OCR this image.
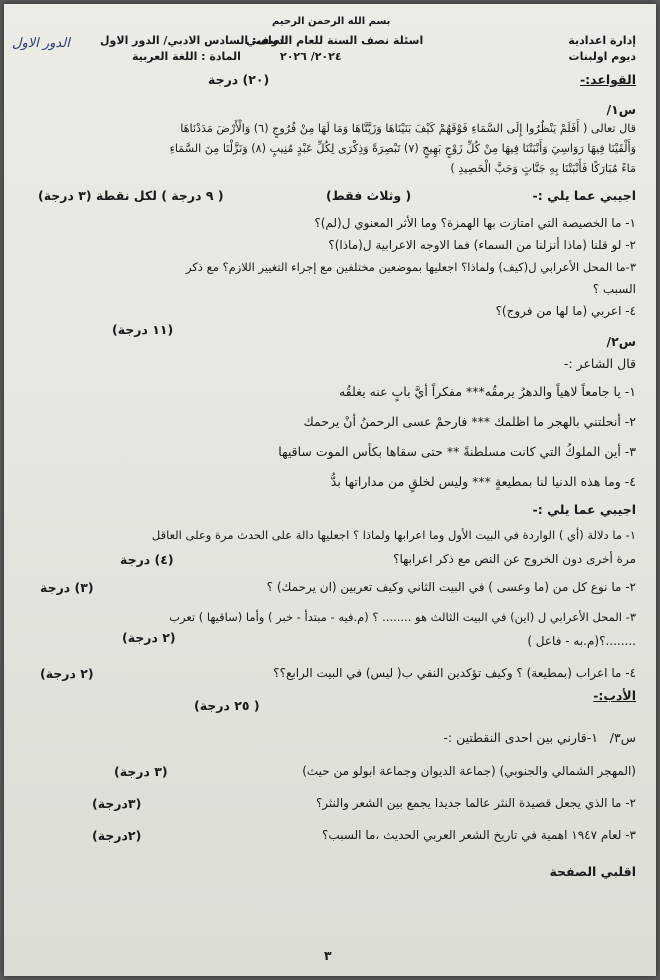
بسم الله الرحمن الرحيم
إدارة اعدادية
ديوم اولبنات
اسئلة نصف السنة للعام الدراسي
٢٠٢٤/ ٢٠٢٦
الصف: السادس الادبي/ الدور الاول
المادة : اللغة العربية
الدور الاول
القواعد:-
(٢٠) درجة
س١/
قال تعالى ( أَفَلَمْ يَنْظُرُوا إِلَى السَّمَاءِ فَوْقَهُمْ كَيْفَ بَنَيْنَاهَا وَزَيَّنَّاهَا وَمَا لَهَا مِنْ فُرُوجٍ (٦) وَالْأَرْضَ مَدَدْنَاهَا
وَأَلْقَيْنَا فِيهَا رَوَاسِيَ وَأَنْبَتْنَا فِيهَا مِنْ كُلِّ زَوْجٍ بَهِيجٍ (٧) تَبْصِرَةً وَذِكْرَى لِكُلِّ عَبْدٍ مُنِيبٍ (٨) وَنَزَّلْنَا مِنَ السَّمَاءِ
مَاءً مُبَارَكًا فَأَنْبَتْنَا بِهِ جَنَّاتٍ وَحَبَّ الْحَصِيدِ )
اجيبي عما يلي :-
( وثلاث فقط)
( ٩ درجة ) لكل نقطة (٣ درجة)
١- ما الخصيصة التي امتازت بها الهمزة؟ وما الأثر المعنوي ل(لم)؟
٢- لو قلنا (ماذا أنزلنا من السماء) فما الاوجه الاعرابية ل(ماذا)؟
٣-ما المحل الأعرابي ل(كيف) ولماذا؟ اجعليها بموضعين مختلفين مع إجراء التغيير اللازم؟ مع ذكر
السبب ؟
٤- اعربي (ما لها من فروج)؟
(١١ درجة)
س٢/
قال الشاعر :-
١- يا جامعاً لاهياً والدهرُ يرمقُه*** مفكراً أيَّ بابٍ عنه يغلقُه
٢- أنحلتني بالهجر ما اظلمك *** فارحمْ عسى الرحمنُ أنْ يرحمك
٣- أين الملوكُ التي كانت مسلطنةً ** حتى سقاها بكأس الموت ساقيها
٤- وما هذه الدنيا لنا بمطيعةٍ *** وليس لخلقٍ من مداراتها بدُّ
اجيبي عما يلي :-
١- ما دلالة (أي ) الواردة في البيت الأول وما اعرابها ولماذا ؟ اجعليها دالة على الحدث مرة وعلى العاقل
مرة أخرى دون الخروج عن النص مع ذكر اعرابها؟
(٤) درجة
٢- ما نوع كل من (ما وعسى ) في البيت الثاني وكيف تعربين (ان يرحمك) ؟
(٣) درجة
٣- المحل الأعرابي ل (اين) في البيت الثالث هو ........ ؟ (م.فيه - مبتدأ - خبر ) وأما (ساقيها ) تعرب
........؟(م.به - فاعل )
(٢ درجة)
٤- ما اعراب (بمطيعة) ؟ وكيف تؤكدين النفي ب( ليس) في البيت الرابع؟؟
(٢ درجة)
الأدب:-
( ٢٥ درجة)
س٣/
١-قارني بين احدى النقطتين :-
(المهجر الشمالي والجنوبي) (جماعة الديوان وجماعة ابولو من حيث)
(٣ درجة)
٢- ما الذي يجعل قصيدة النثر عالما جديدا يجمع بين الشعر والنثر؟
(٣درجة)
٣- لعام ١٩٤٧ اهمية في تاريخ الشعر العربي الحديث ،ما السبب؟
(٢درجة)
اقلبي الصفحة
٣
